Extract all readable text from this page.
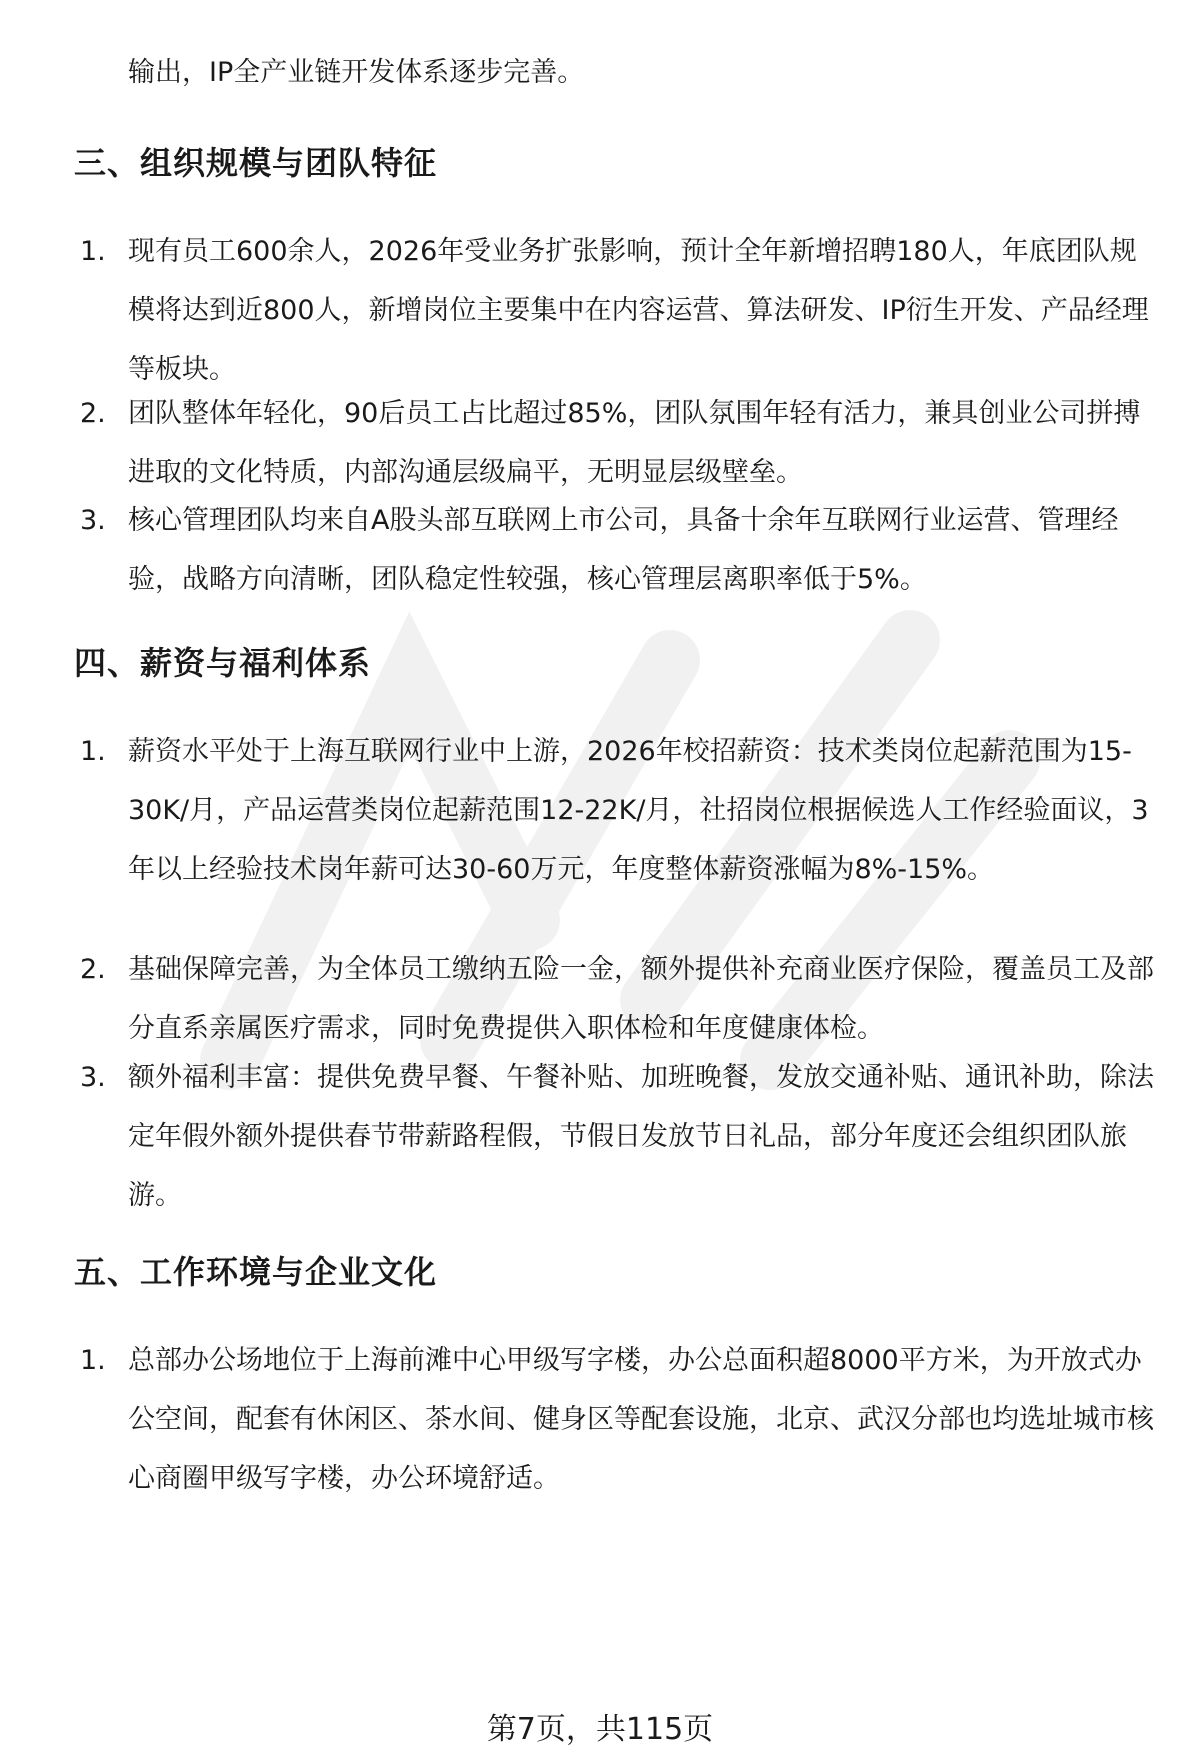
输出，IP全产业链开发体系逐步完善。

三、组织规模与团队特征
1. 现有员工600余人，2026年受业务扩张影响，预计全年新增招聘180人，年底团队规模将达到近800人，新增岗位主要集中在内容运营、算法研发、IP衍生开发、产品经理等板块。

2. 团队整体年轻化，90后员工占比超过85%，团队氛围年轻有活力，兼具创业公司拼搏进取的文化特质，内部沟通层级扁平，无明显层级壁垒。

3. 核心管理团队均来自A股头部互联网上市公司，具备十余年互联网行业运营、管理经验，战略方向清晰，团队稳定性较强，核心管理层离职率低于5%。

四、薪资与福利体系
1. 薪资水平处于上海互联网行业中上游，2026年校招薪资：技术类岗位起薪范围为15-30K/月，产品运营类岗位起薪范围12-22K/月，社招岗位根据候选人工作经验面议，3年以上经验技术岗年薪可达30-60万元，年度整体薪资涨幅为8%-15%。

2. 基础保障完善，为全体员工缴纳五险一金，额外提供补充商业医疗保险，覆盖员工及部分直系亲属医疗需求，同时免费提供入职体检和年度健康体检。

3. 额外福利丰富：提供免费早餐、午餐补贴、加班晚餐，发放交通补贴、通讯补助，除法定年假外额外提供春节带薪路程假，节假日发放节日礼品，部分年度还会组织团队旅游。

五、工作环境与企业文化
1. 总部办公场地位于上海前滩中心甲级写字楼，办公总面积超8000平方米，为开放式办公空间，配套有休闲区、茶水间、健身区等配套设施，北京、武汉分部也均选址城市核心商圈甲级写字楼，办公环境舒适。

第7页，共115页
